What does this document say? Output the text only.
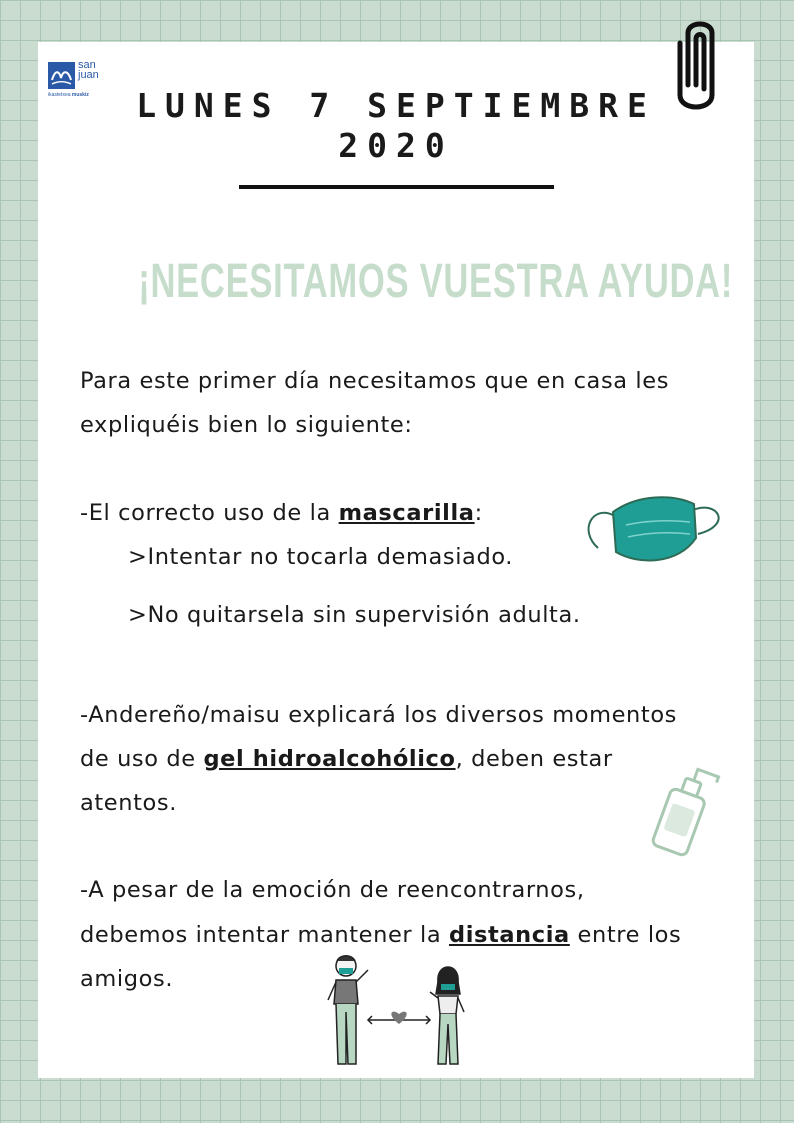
san
juan
ikastetxea muskiz	LUNES 7 SEPTIEMBRE
2020
¡NECESITAMOS VUESTRA AYUDA!
Para este primer día necesitamos que en casa les
expliquéis bien lo siguiente:
-El correcto uso de la mascarilla:
>Intentar no tocarla demasiado.
>No quitarsela sin supervisión adulta.
-Andereño/maisu explicará los diversos momentos
de uso de gel hidroalcohólico, deben estar
atentos.
-A pesar de la emoción de reencontrarnos,
debemos intentar mantener la distancia entre los
amigos.
